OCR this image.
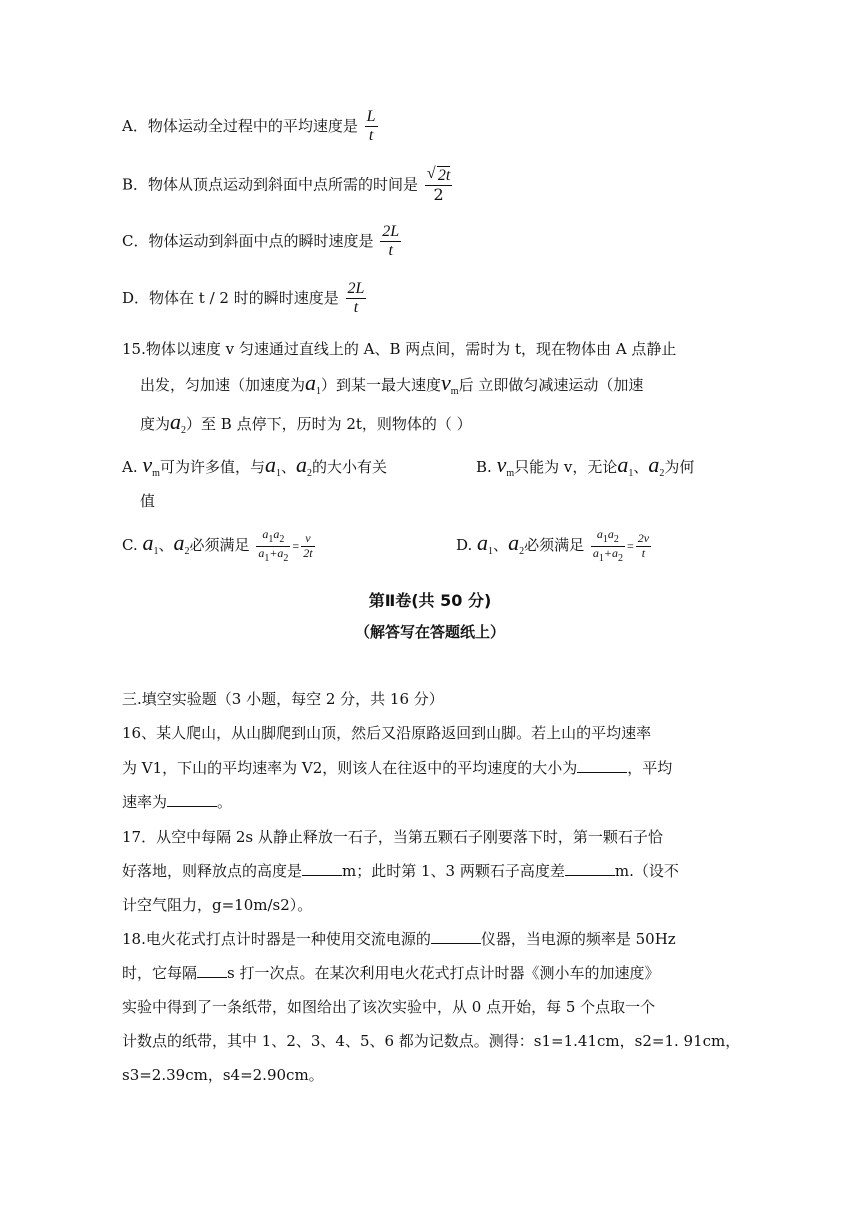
A．物体运动全过程中的平均速度是 $\frac{L}{t}$
B．物体从顶点运动到斜面中点所需的时间是
√ $\frac{2t}{2}$
C．物体运动到斜面中点的瞬时速度是 $\frac{2L}{t}$
D．物体在 t / 2 时的瞬时速度是 $\frac{2L}{t}$
15.物体以速度 v 匀速通过直线上的 A、B 两点间，需时为 t，现在物体由 A 点静止
出发，匀加速（加速度为$a_1$）到某一最大速度$v_m$后 立即做匀减速运动（加速
度为$a_2$）至 B 点停下，历时为 2t，则物体的（ ）
A. $v_m$可为许多值，与$a_1$、$a_2$的大小有关	B. $v_m$只能为 v，无论$a_1$、$a_2$为何
值
C. $a_1$、$a_2$必须满足 $\frac{a_1a_2}{a_1+a_2} = \frac{v}{2t}$	D. $a_1$、$a_2$必须满足 $\frac{a_1a_2}{a_1+a_2} = \frac{2v}{t}$
第Ⅱ卷(共 50 分)
（解答写在答题纸上）
三.填空实验题（3 小题，每空 2 分，共 16 分）
16、某人爬山，从山脚爬到山顶，然后又沿原路返回到山脚。若上山的平均速率
为 V1，下山的平均速率为 V2，则该人在往返中的平均速度的大小为	，平均
速率为	。
17．从空中每隔 2s 从静止释放一石子，当第五颗石子刚要落下时，第一颗石子恰
好落地，则释放点的高度是	m；此时第 1、3 两颗石子高度差	m.（设不
计空气阻力，g=10m/s2）。
18.电火花式打点计时器是一种使用交流电源的	仪器，当电源的频率是 50Hz
时，它每隔 s 打一次点。在某次利用电火花式打点计时器《测小车的加速度》
实验中得到了一条纸带，如图给出了该次实验中，从 0 点开始，每 5 个点取一个
计数点的纸带，其中 1、2、3、4、5、6 都为记数点。测得：s1=1.41cm，s2=1. 91cm，
s3=2.39cm，s4=2.90cm。
